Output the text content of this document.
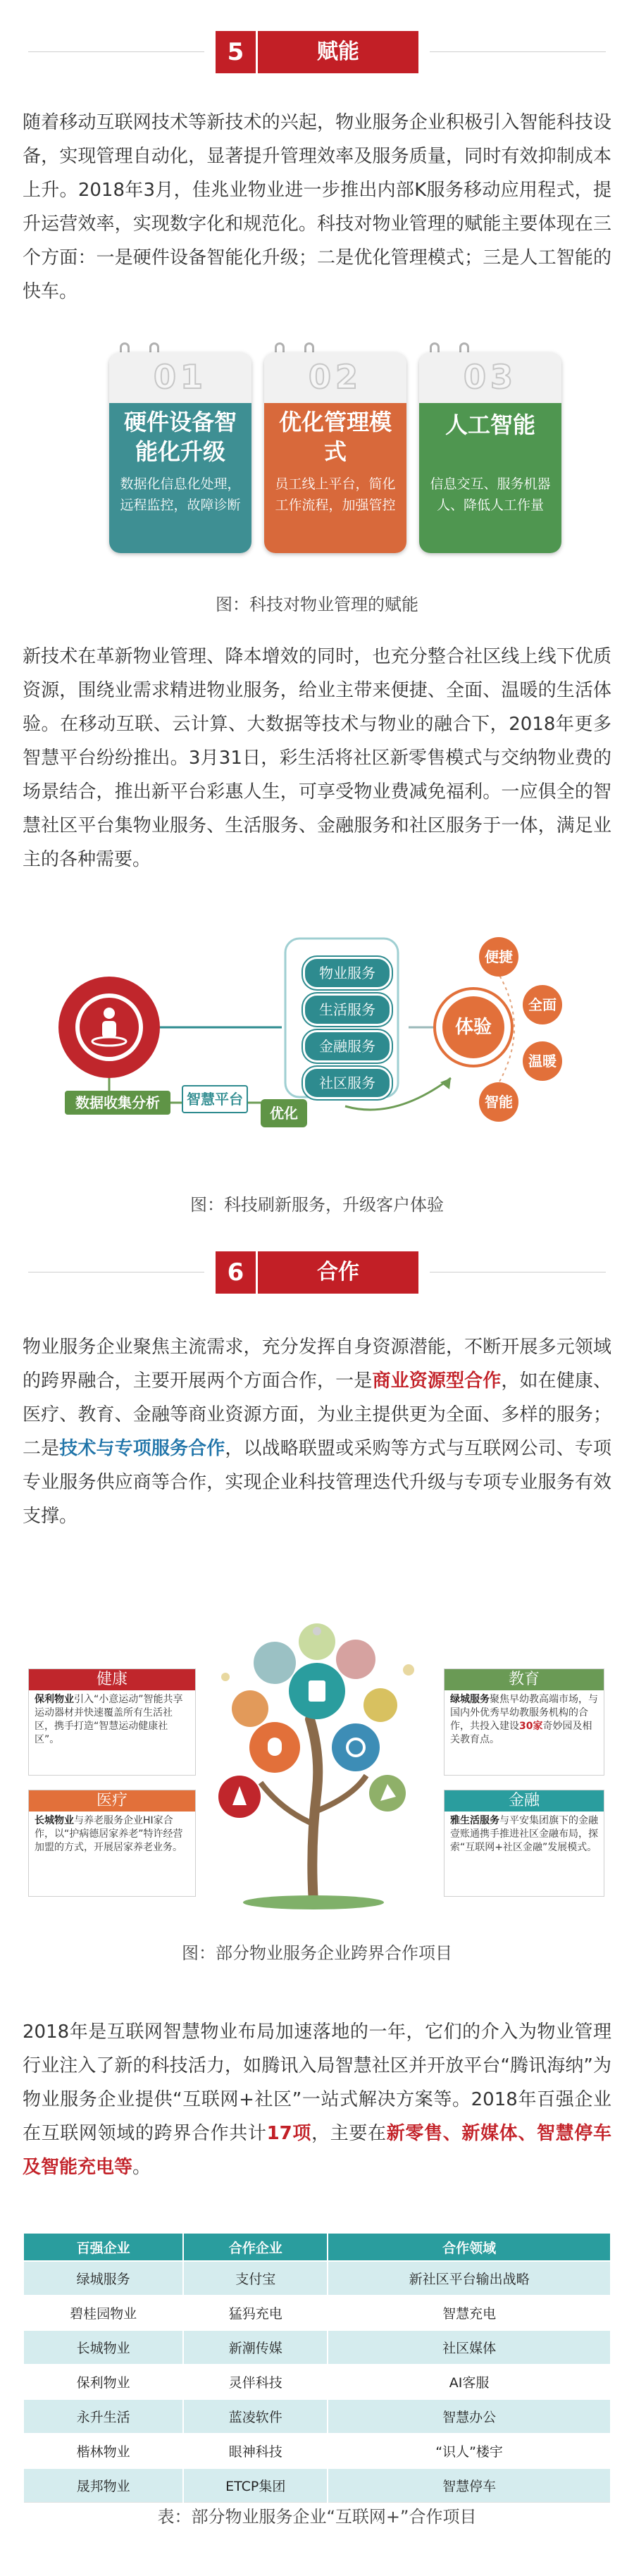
5	赋能

随着移动互联网技术等新技术的兴起，物业服务企业积极引入智能科技设备，实现管理自动化，显著提升管理效率及服务质量，同时有效抑制成本上升。2018年3月，佳兆业物业进一步推出内部K服务移动应用程式，提升运营效率，实现数字化和规范化。科技对物业管理的赋能主要体现在三个方面：一是硬件设备智能化升级；二是优化管理模式；三是人工智能的快车。

01
硬件设备智能化升级
数据化信息化处理，远程监控，故障诊断
02
优化管理模式
员工线上平台，简化工作流程，加强管控
03
人工智能
信息交互、服务机器人、降低人工作量
图：科技对物业管理的赋能

新技术在革新物业管理、降本增效的同时，也充分整合社区线上线下优质资源，围绕业需求精进物业服务，给业主带来便捷、全面、温暖的生活体验。在移动互联、云计算、大数据等技术与物业的融合下，2018年更多智慧平台纷纷推出。3月31日，彩生活将社区新零售模式与交纳物业费的场景结合，推出新平台彩惠人生，可享受物业费减免福利。一应俱全的智慧社区平台集物业服务、生活服务、金融服务和社区服务于一体，满足业主的各种需要。

智慧平台
数据收集分析
优化
物业服务
生活服务
金融服务
社区服务
体验
便捷
全面
温暖
智能
图：科技刷新服务，升级客户体验
6	合作

物业服务企业聚焦主流需求，充分发挥自身资源潜能，不断开展多元领域的跨界融合，主要开展两个方面合作，一是商业资源型合作，如在健康、医疗、教育、金融等商业资源方面，为业主提供更为全面、多样的服务；二是技术与专项服务合作，以战略联盟或采购等方式与互联网公司、专项专业服务供应商等合作，实现企业科技管理迭代升级与专项专业服务有效支撑。

健康
保利物业引入“小意运动”智能共享运动器材并快速覆盖所有生活社区，携手打造“智慧运动健康社区”。
医疗
长城物业与养老服务企业HI家合作，以“护病德居家养老”特许经营加盟的方式，开展居家养老业务。
教育
绿城服务聚焦早幼教高端市场，与国内外优秀早幼教服务机构的合作，共投入建设30家奇妙园及相关教育点。
金融
雅生活服务与平安集团旗下的金融壹账通携手推进社区金融布局，探索“互联网+社区金融”发展模式。
图：部分物业服务企业跨界合作项目

2018年是互联网智慧物业布局加速落地的一年，它们的介入为物业管理行业注入了新的科技活力，如腾讯入局智慧社区并开放平台“腾讯海纳”为物业服务企业提供“互联网+社区”一站式解决方案等。2018年百强企业在互联网领域的跨界合作共计17项，主要在新零售、新媒体、智慧停车及智能充电等。

百强企业	合作企业	合作领域
绿城服务	支付宝	新社区平台输出战略
碧桂园物业	猛犸充电	智慧充电
长城物业	新潮传媒	社区媒体
保利物业	灵伴科技	AI客服
永升生活	蓝凌软件	智慧办公
楷林物业	眼神科技	“识人”楼宇
晟邦物业	ETCP集团	智慧停车
表：部分物业服务企业“互联网+”合作项目
